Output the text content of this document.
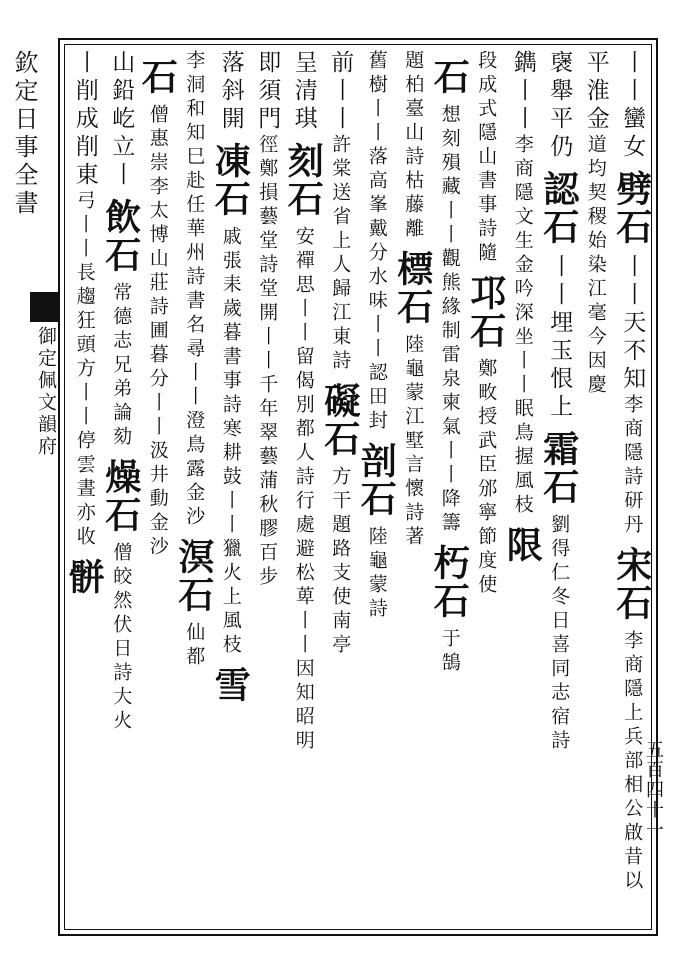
欽定日事全書
御定佩文韻府
丨丨蠻女
劈石
丨丨天不知
李商隱詩研丹
宋石
李商隱上兵部相公啟昔以
平淮金
道均契稷始染江毫今因慶
襃舉平仍
認石
丨丨埋玉恨上
霜石
劉得仁冬日喜同志宿詩
鐫丨丨
李商隱文生金
吟深坐丨丨眠鳥握風枝
限
段成式隱山書事詩隨
邛石
鄭畋授武臣邠寧節度使
石
想刻殞藏丨丨觀熊緣
制雷泉柬氣丨丨降籌
朽石
于鵠
題柏臺山詩枯藤離
標石
陸龜蒙江墅言懷詩著
舊樹丨丨落高峯
戴分水味丨丨認田封
剖石
陸龜蒙詩
前丨丨
許棠送省上人歸江東詩
礙石
方干題路支使南亭
呈清琪
刻石
安禪思丨丨留偈別都人
詩行處避松萆丨丨
因知昭明
即須門
徑
鄭損藝堂詩堂開丨丨千年翠藝蒲秋膠百步
落斜開
凍石
戚張耒歲暮書事詩寒耕鼓丨丨獵火上風枝
雪
李洞和知巳赴任華州詩書名尋丨丨澄鳥露金沙
溟石
仙都
石
僧惠崇李太博山莊詩圃暮分丨丨汲井動金沙
山鉛屹立丨
飲石
常德志兄弟論劾
燥石
僧皎然伏日詩大火
丨削成削東
弓丨丨長趨狂頭
方丨丨停雲晝亦收
骿
五百四十一
